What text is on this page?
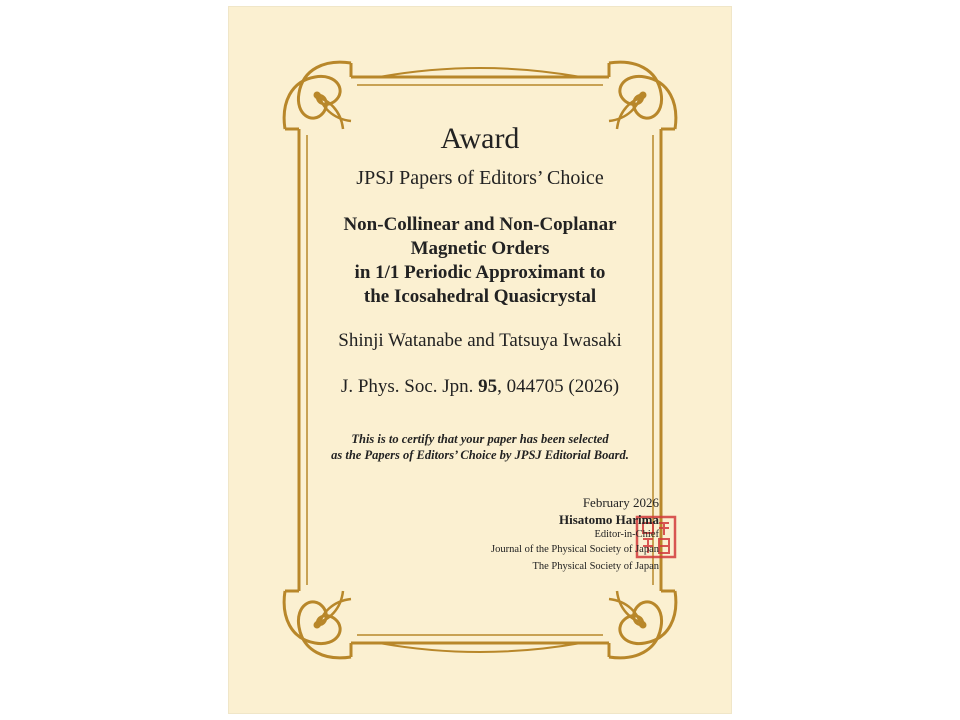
Award
JPSJ Papers of Editors’ Choice
Non-Collinear and Non-Coplanar
Magnetic Orders
in 1/1 Periodic Approximant to
the Icosahedral Quasicrystal
Shinji Watanabe and Tatsuya Iwasaki
J. Phys. Soc. Jpn. 95, 044705 (2026)
This is to certify that your paper has been selected
as the Papers of Editors’ Choice by JPSJ Editorial Board.
February 2026
Hisatomo Harima
Editor-in-Chief
Journal of the Physical Society of Japan
The Physical Society of Japan
